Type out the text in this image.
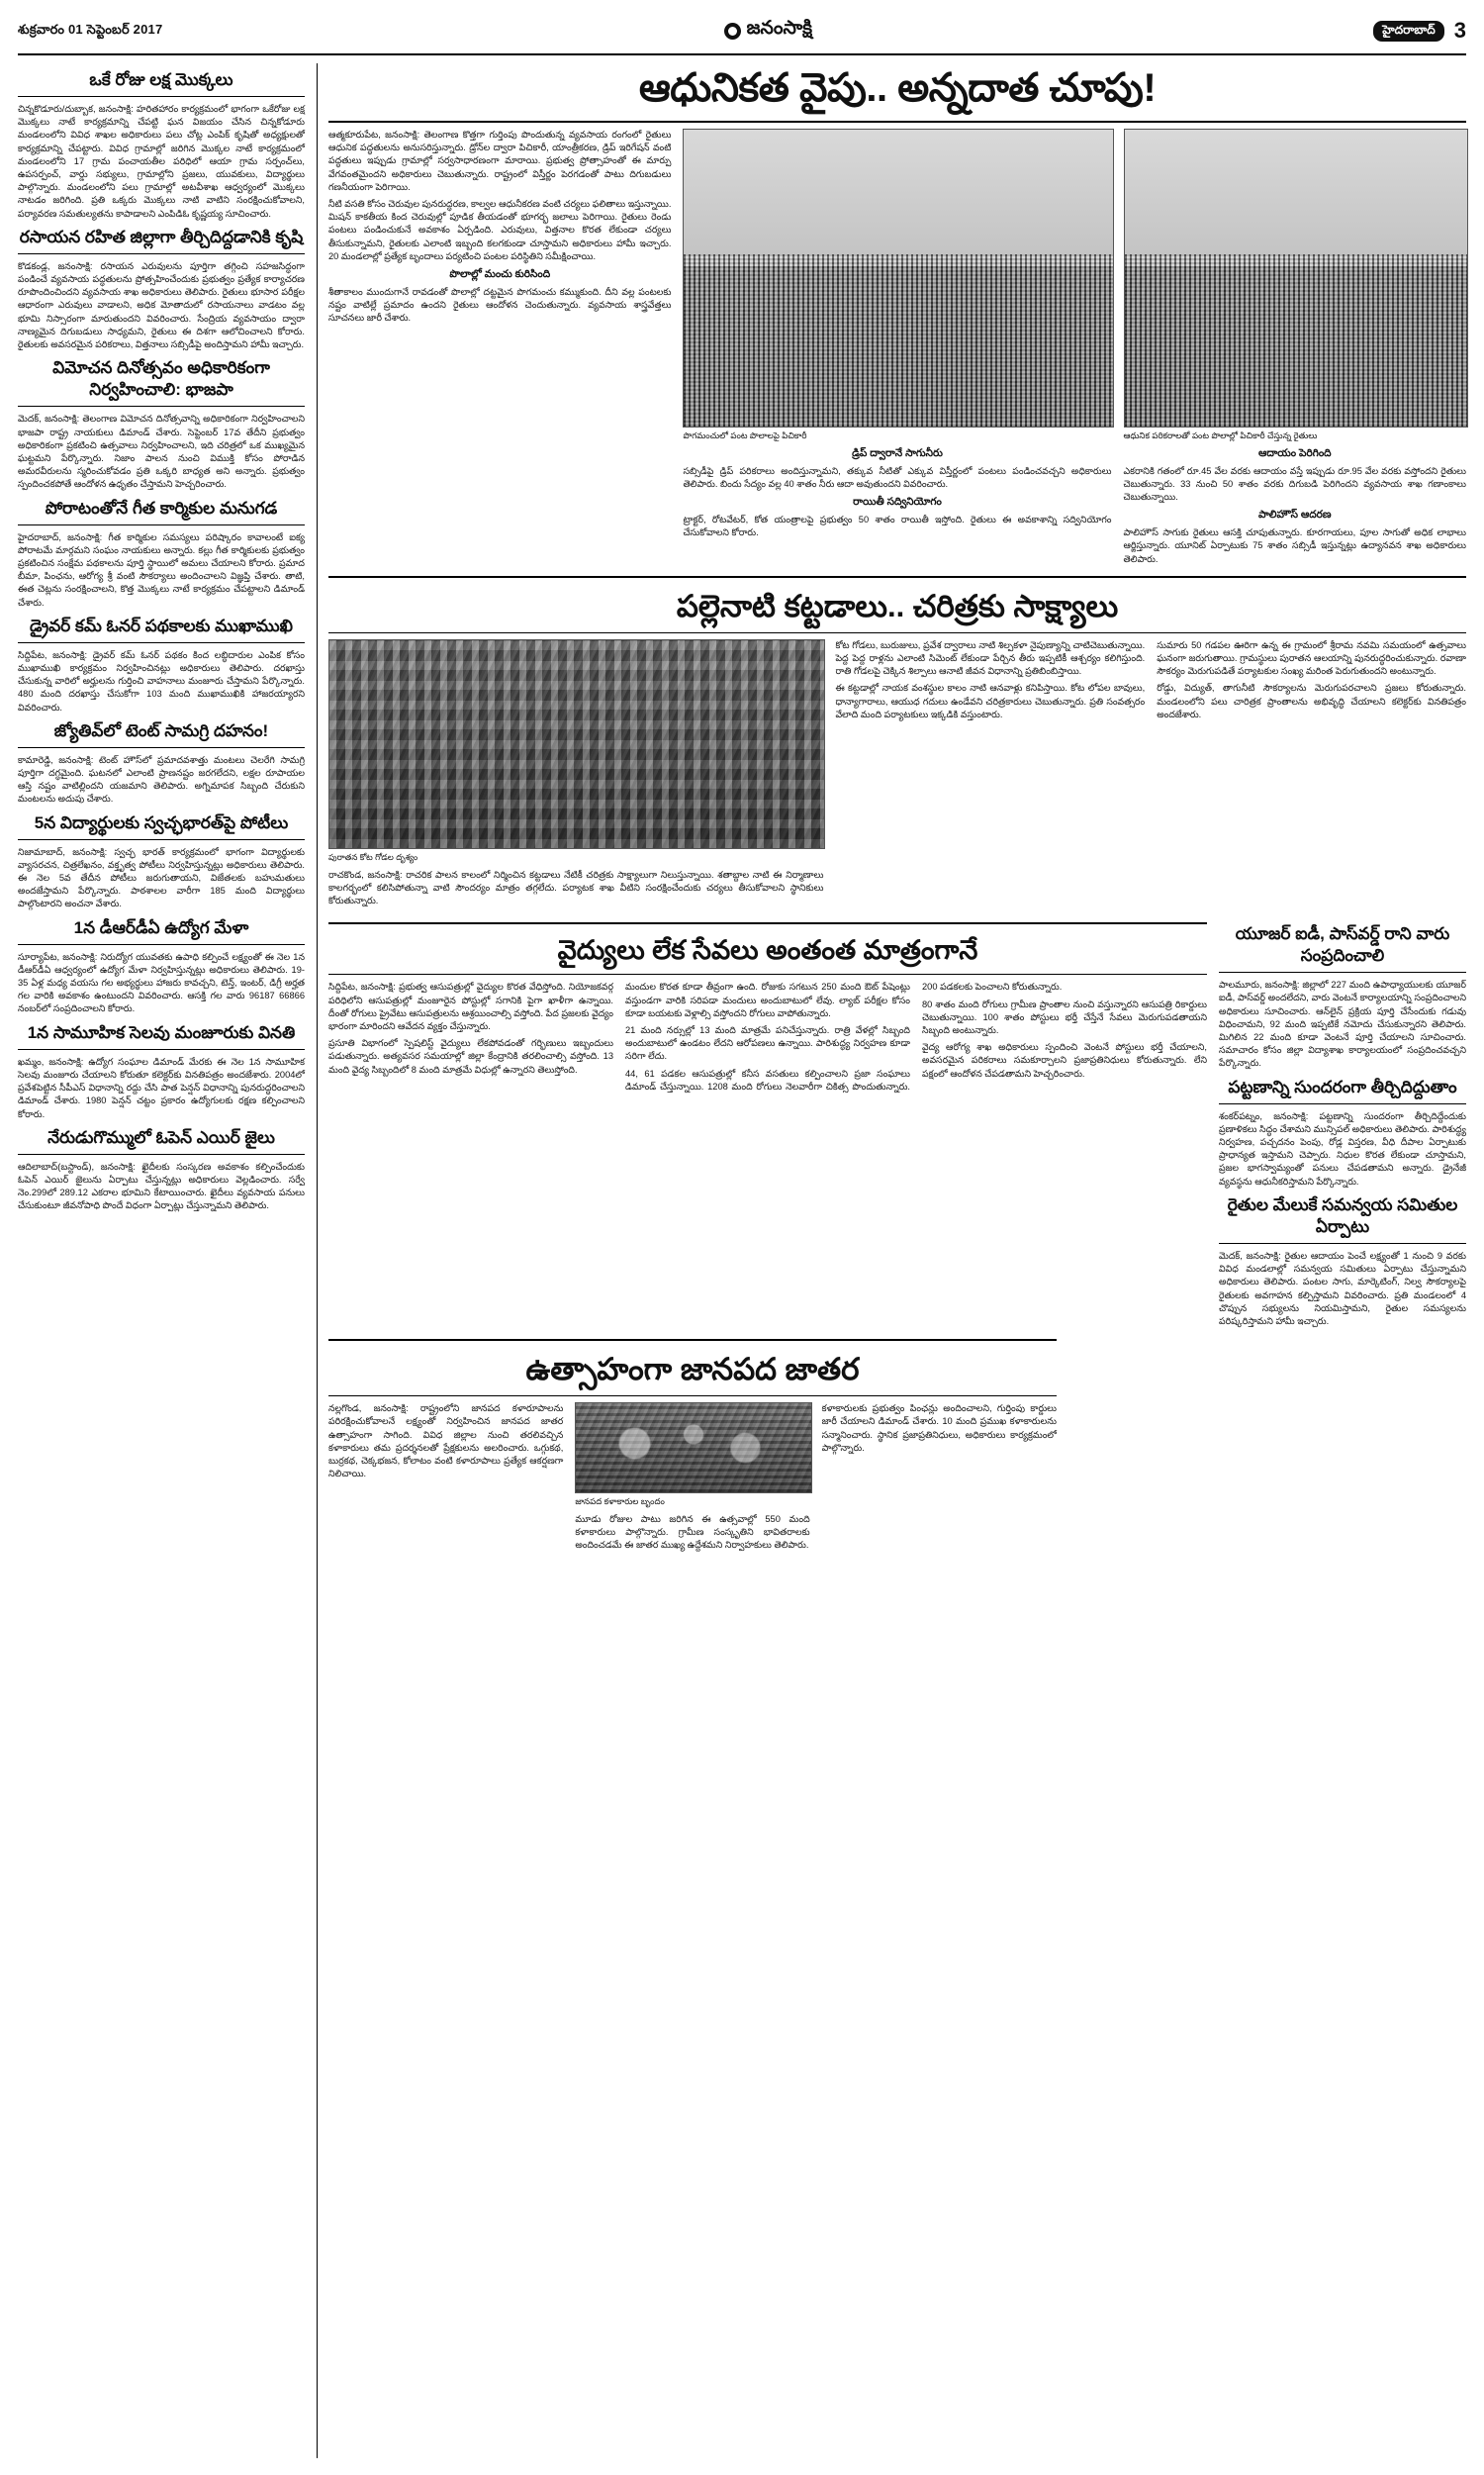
శుక్రవారం 01 సెప్టెంబర్ 2017	జనంసాక్షి	హైదరాబాద్ 3
ఒకే రోజు లక్ష మొక్కలు

చిన్నకొడూరు/దుబ్బాక, జనంసాక్షి: హరితహారం కార్యక్రమంలో భాగంగా ఒకేరోజు లక్ష మొక్కలు నాటే కార్యక్రమాన్ని చేపట్టి ఘన విజయం చేసిన చిన్నకోడూరు మండలంలోని వివిధ శాఖల అధికారులు పలు చోట్ల ఎంపిక్ కృషితో అధ్యక్షులతో కార్యక్రమాన్ని చేపట్టారు. వివిధ గ్రామాల్లో జరిగిన మొక్కల నాటే కార్యక్రమంలో మండలంలోని 17 గ్రామ పంచాయతీల పరిధిలో ఆయా గ్రామ సర్పంచ్‌లు, ఉపసర్పంచ్, వార్డు సభ్యులు, గ్రామాల్లోని ప్రజలు, యువకులు, విద్యార్థులు పాల్గొన్నారు. మండలంలోని పలు గ్రామాల్లో అటవీశాఖ ఆధ్వర్యంలో మొక్కలు నాటడం జరిగింది. ప్రతి ఒక్కరు మొక్కలు నాటి వాటిని సంరక్షించుకోవాలని, పర్యావరణ సమతుల్యతను కాపాడాలని ఎంపిడిఓ కృష్ణయ్య సూచించారు.

రసాయన రహిత జిల్లాగా తీర్చిదిద్దడానికి కృషి

కొడకండ్ల, జనంసాక్షి: రసాయన ఎరువులను పూర్తిగా తగ్గించి సహజసిద్ధంగా పండించే వ్యవసాయ పద్ధతులను ప్రోత్సహించేందుకు ప్రభుత్వం ప్రత్యేక కార్యాచరణ రూపొందించిందని వ్యవసాయ శాఖ అధికారులు తెలిపారు. రైతులు భూసార పరీక్షల ఆధారంగా ఎరువులు వాడాలని, అధిక మోతాదులో రసాయనాలు వాడటం వల్ల భూమి నిస్సారంగా మారుతుందని వివరించారు. సేంద్రియ వ్యవసాయం ద్వారా నాణ్యమైన దిగుబడులు సాధ్యమని, రైతులు ఈ దిశగా ఆలోచించాలని కోరారు. రైతులకు అవసరమైన పరికరాలు, విత్తనాలు సబ్సిడీపై అందిస్తామని హామీ ఇచ్చారు.

విమోచన దినోత్సవం అధికారికంగా నిర్వహించాలి: భాజపా

మెదక్, జనంసాక్షి: తెలంగాణ విమోచన దినోత్సవాన్ని అధికారికంగా నిర్వహించాలని భాజపా రాష్ట్ర నాయకులు డిమాండ్ చేశారు. సెప్టెంబర్ 17వ తేదీని ప్రభుత్వం అధికారికంగా ప్రకటించి ఉత్సవాలు నిర్వహించాలని, ఇది చరిత్రలో ఒక ముఖ్యమైన ఘట్టమని పేర్కొన్నారు. నిజాం పాలన నుంచి విముక్తి కోసం పోరాడిన అమరవీరులను స్మరించుకోవడం ప్రతి ఒక్కరి బాధ్యత అని అన్నారు. ప్రభుత్వం స్పందించకపోతే ఆందోళన ఉధృతం చేస్తామని హెచ్చరించారు.

పోరాటంతోనే గీత కార్మికుల మనుగడ

హైదరాబాద్, జనంసాక్షి: గీత కార్మికుల సమస్యలు పరిష్కారం కావాలంటే ఐక్య పోరాటమే మార్గమని సంఘం నాయకులు అన్నారు. కల్లు గీత కార్మికులకు ప్రభుత్వం ప్రకటించిన సంక్షేమ పథకాలను పూర్తి స్థాయిలో అమలు చేయాలని కోరారు. ప్రమాద బీమా, పింఛను, ఆరోగ్య శ్రీ వంటి సౌకర్యాలు అందించాలని విజ్ఞప్తి చేశారు. తాటి, ఈత చెట్లను సంరక్షించాలని, కొత్త మొక్కలు నాటే కార్యక్రమం చేపట్టాలని డిమాండ్ చేశారు.

డ్రైవర్ కమ్ ఓనర్ పథకాలకు ముఖాముఖి

సిద్దిపేట, జనంసాక్షి: డ్రైవర్ కమ్ ఓనర్ పథకం కింద లబ్ధిదారుల ఎంపిక కోసం ముఖాముఖి కార్యక్రమం నిర్వహించినట్లు అధికారులు తెలిపారు. దరఖాస్తు చేసుకున్న వారిలో అర్హులను గుర్తించి వాహనాలు మంజూరు చేస్తామని పేర్కొన్నారు. 480 మంది దరఖాస్తు చేసుకోగా 103 మంది ముఖాముఖికి హాజరయ్యారని వివరించారు.

జ్యోతివ్‌లో టెంట్ సామగ్రి దహనం!

కామారెడ్డి, జనంసాక్షి: టెంట్ హౌస్‌లో ప్రమాదవశాత్తు మంటలు చెలరేగి సామగ్రి పూర్తిగా దగ్ధమైంది. ఘటనలో ఎలాంటి ప్రాణనష్టం జరగలేదని, లక్షల రూపాయల ఆస్తి నష్టం వాటిల్లిందని యజమాని తెలిపారు. అగ్నిమాపక సిబ్బంది చేరుకుని మంటలను అదుపు చేశారు.

5న విద్యార్థులకు స్వచ్ఛభారత్‌పై పోటీలు

నిజామాబాద్, జనంసాక్షి: స్వచ్ఛ భారత్ కార్యక్రమంలో భాగంగా విద్యార్థులకు వ్యాసరచన, చిత్రలేఖనం, వక్తృత్వ పోటీలు నిర్వహిస్తున్నట్లు అధికారులు తెలిపారు. ఈ నెల 5వ తేదీన పోటీలు జరుగుతాయని, విజేతలకు బహుమతులు అందజేస్తామని పేర్కొన్నారు. పాఠశాలల వారీగా 185 మంది విద్యార్థులు పాల్గొంటారని అంచనా వేశారు.

1న డీఆర్‌డీఏ ఉద్యోగ మేళా

సూర్యాపేట, జనంసాక్షి: నిరుద్యోగ యువతకు ఉపాధి కల్పించే లక్ష్యంతో ఈ నెల 1న డీఆర్‌డీఏ ఆధ్వర్యంలో ఉద్యోగ మేళా నిర్వహిస్తున్నట్లు అధికారులు తెలిపారు. 19-35 ఏళ్ల మధ్య వయసు గల అభ్యర్థులు హాజరు కావచ్చని, టెన్త్, ఇంటర్, డిగ్రీ అర్హత గల వారికి అవకాశం ఉంటుందని వివరించారు. ఆసక్తి గల వారు 96187 66866 నంబర్‌లో సంప్రదించాలని కోరారు.

1న సామూహిక సెలవు మంజూరుకు వినతి

ఖమ్మం, జనంసాక్షి: ఉద్యోగ సంఘాల డిమాండ్ మేరకు ఈ నెల 1న సామూహిక సెలవు మంజూరు చేయాలని కోరుతూ కలెక్టర్‌కు వినతిపత్రం అందజేశారు. 2004లో ప్రవేశపెట్టిన సీపీఎస్ విధానాన్ని రద్దు చేసి పాత పెన్షన్ విధానాన్ని పునరుద్ధరించాలని డిమాండ్ చేశారు. 1980 పెన్షన్ చట్టం ప్రకారం ఉద్యోగులకు రక్షణ కల్పించాలని కోరారు.

నేరుడుగొమ్ములో ఓపెన్ ఎయిర్ జైలు

ఆదిలాబాద్(బస్టాండ్), జనంసాక్షి: ఖైదీలకు సంస్కరణ అవకాశం కల్పించేందుకు ఓపెన్ ఎయిర్ జైలును ఏర్పాటు చేస్తున్నట్లు అధికారులు వెల్లడించారు. సర్వే నెం.299లో 289.12 ఎకరాల భూమిని కేటాయించారు. ఖైదీలు వ్యవసాయ పనులు చేసుకుంటూ జీవనోపాధి పొందే విధంగా ఏర్పాట్లు చేస్తున్నామని తెలిపారు.

ఆధునికత వైపు.. అన్నదాత చూపు!

ఆత్మకూరుపేట, జనంసాక్షి: తెలంగాణ కొత్తగా గుర్తింపు పొందుతున్న వ్యవసాయ రంగంలో రైతులు ఆధునిక పద్ధతులను అనుసరిస్తున్నారు. డ్రోన్‌ల ద్వారా పిచికారీ, యాంత్రీకరణ, డ్రిప్ ఇరిగేషన్ వంటి పద్ధతులు ఇప్పుడు గ్రామాల్లో సర్వసాధారణంగా మారాయి. ప్రభుత్వ ప్రోత్సాహంతో ఈ మార్పు వేగవంతమైందని అధికారులు చెబుతున్నారు. రాష్ట్రంలో విస్తీర్ణం పెరగడంతో పాటు దిగుబడులు గణనీయంగా పెరిగాయి.

నీటి వసతి కోసం చెరువుల పునరుద్ధరణ, కాల్వల ఆధునీకరణ వంటి చర్యలు ఫలితాలు ఇస్తున్నాయి. మిషన్ కాకతీయ కింద చెరువుల్లో పూడిక తీయడంతో భూగర్భ జలాలు పెరిగాయి. రైతులు రెండు పంటలు పండించుకునే అవకాశం ఏర్పడింది. ఎరువులు, విత్తనాల కొరత లేకుండా చర్యలు తీసుకున్నామని, రైతులకు ఎలాంటి ఇబ్బంది కలగకుండా చూస్తామని అధికారులు హామీ ఇచ్చారు. 20 మండలాల్లో ప్రత్యేక బృందాలు పర్యటించి పంటల పరిస్థితిని సమీక్షించాయి.

పొలాల్లో మంచు కురిసింది

శీతాకాలం ముందుగానే రావడంతో పొలాల్లో దట్టమైన పొగమంచు కమ్ముకుంది. దీని వల్ల పంటలకు నష్టం వాటిల్లే ప్రమాదం ఉందని రైతులు ఆందోళన చెందుతున్నారు. వ్యవసాయ శాస్త్రవేత్తలు సూచనలు జారీ చేశారు.

పొగమంచులో పంట పొలాలపై పిచికారీ

డ్రిప్ ద్వారానే సాగునీరు

సబ్సిడీపై డ్రిప్ పరికరాలు అందిస్తున్నామని, తక్కువ నీటితో ఎక్కువ విస్తీర్ణంలో పంటలు పండించవచ్చని అధికారులు తెలిపారు. బిందు సేద్యం వల్ల 40 శాతం నీరు ఆదా అవుతుందని వివరించారు.

రాయితీ సద్వినియోగం

ట్రాక్టర్, రోటవేటర్, కోత యంత్రాలపై ప్రభుత్వం 50 శాతం రాయితీ ఇస్తోంది. రైతులు ఈ అవకాశాన్ని సద్వినియోగం చేసుకోవాలని కోరారు.

ఆధునిక పరికరాలతో పంట పొలాల్లో పిచికారీ చేస్తున్న రైతులు

ఆదాయం పెరిగింది

ఎకరానికి గతంలో రూ.45 వేల వరకు ఆదాయం వస్తే ఇప్పుడు రూ.95 వేల వరకు వస్తోందని రైతులు చెబుతున్నారు. 33 నుంచి 50 శాతం వరకు దిగుబడి పెరిగిందని వ్యవసాయ శాఖ గణాంకాలు చెబుతున్నాయి.

పాలిహౌస్ ఆదరణ

పాలిహౌస్ సాగుకు రైతులు ఆసక్తి చూపుతున్నారు. కూరగాయలు, పూల సాగుతో అధిక లాభాలు ఆర్జిస్తున్నారు. యూనిట్ ఏర్పాటుకు 75 శాతం సబ్సిడీ ఇస్తున్నట్లు ఉద్యానవన శాఖ అధికారులు తెలిపారు.

పల్లెనాటి కట్టడాలు.. చరిత్రకు సాక్ష్యాలు

పురాతన కోట గోడల దృశ్యం

రాచకొండ, జనంసాక్షి: రాచరిక పాలన కాలంలో నిర్మించిన కట్టడాలు నేటికీ చరిత్రకు సాక్ష్యాలుగా నిలుస్తున్నాయి. శతాబ్దాల నాటి ఈ నిర్మాణాలు కాలగర్భంలో కలిసిపోతున్నా వాటి సౌందర్యం మాత్రం తగ్గలేదు. పర్యాటక శాఖ వీటిని సంరక్షించేందుకు చర్యలు తీసుకోవాలని స్థానికులు కోరుతున్నారు.

కోట గోడలు, బురుజులు, ప్రవేశ ద్వారాలు నాటి శిల్పకళా నైపుణ్యాన్ని చాటిచెబుతున్నాయి. పెద్ద పెద్ద రాళ్లను ఎలాంటి సిమెంట్ లేకుండా పేర్చిన తీరు ఇప్పటికీ ఆశ్చర్యం కలిగిస్తుంది. రాతి గోడలపై చెక్కిన శిల్పాలు ఆనాటి జీవన విధానాన్ని ప్రతిబింబిస్తాయి.

ఈ కట్టడాల్లో నాయక వంశస్థుల కాలం నాటి ఆనవాళ్లు కనిపిస్తాయి. కోట లోపల బావులు, ధాన్యాగారాలు, ఆయుధ గదులు ఉండేవని చరిత్రకారులు చెబుతున్నారు. ప్రతి సంవత్సరం వేలాది మంది పర్యాటకులు ఇక్కడికి వస్తుంటారు.

సుమారు 50 గడపల ఊరిగా ఉన్న ఈ గ్రామంలో శ్రీరామ నవమి సమయంలో ఉత్సవాలు ఘనంగా జరుగుతాయి. గ్రామస్థులు పురాతన ఆలయాన్ని పునరుద్ధరించుకున్నారు. రవాణా సౌకర్యం మెరుగుపడితే పర్యాటకుల సంఖ్య మరింత పెరుగుతుందని అంటున్నారు.

రోడ్డు, విద్యుత్, తాగునీటి సౌకర్యాలను మెరుగుపరచాలని ప్రజలు కోరుతున్నారు. మండలంలోని పలు చారిత్రక ప్రాంతాలను అభివృద్ధి చేయాలని కలెక్టర్‌కు వినతిపత్రం అందజేశారు.

వైద్యులు లేక సేవలు అంతంత మాత్రంగానే

సిద్దిపేట, జనంసాక్షి: ప్రభుత్వ ఆసుపత్రుల్లో వైద్యుల కొరత వేధిస్తోంది. నియోజకవర్గ పరిధిలోని ఆసుపత్రుల్లో మంజూరైన పోస్టుల్లో సగానికి పైగా ఖాళీగా ఉన్నాయి. దీంతో రోగులు ప్రైవేటు ఆసుపత్రులను ఆశ్రయించాల్సి వస్తోంది. పేద ప్రజలకు వైద్యం భారంగా మారిందని ఆవేదన వ్యక్తం చేస్తున్నారు.

ప్రసూతి విభాగంలో స్పెషలిస్ట్ వైద్యులు లేకపోవడంతో గర్భిణులు ఇబ్బందులు పడుతున్నారు. అత్యవసర సమయాల్లో జిల్లా కేంద్రానికి తరలించాల్సి వస్తోంది. 13 మంది వైద్య సిబ్బందిలో 8 మంది మాత్రమే విధుల్లో ఉన్నారని తెలుస్తోంది.

మందుల కొరత కూడా తీవ్రంగా ఉంది. రోజుకు సగటున 250 మంది ఔట్ పేషెంట్లు వస్తుండగా వారికి సరిపడా మందులు అందుబాటులో లేవు. ల్యాబ్ పరీక్షల కోసం కూడా బయటకు వెళ్లాల్సి వస్తోందని రోగులు వాపోతున్నారు.

21 మంది నర్సుల్లో 13 మంది మాత్రమే పనిచేస్తున్నారు. రాత్రి వేళల్లో సిబ్బంది అందుబాటులో ఉండటం లేదని ఆరోపణలు ఉన్నాయి. పారిశుద్ధ్య నిర్వహణ కూడా సరిగా లేదు.

44, 61 పడకల ఆసుపత్రుల్లో కనీస వసతులు కల్పించాలని ప్రజా సంఘాలు డిమాండ్ చేస్తున్నాయి. 1208 మంది రోగులు నెలవారీగా చికిత్స పొందుతున్నారు. 200 పడకలకు పెంచాలని కోరుతున్నారు.

80 శాతం మంది రోగులు గ్రామీణ ప్రాంతాల నుంచి వస్తున్నారని ఆసుపత్రి రికార్డులు చెబుతున్నాయి. 100 శాతం పోస్టులు భర్తీ చేస్తేనే సేవలు మెరుగుపడతాయని సిబ్బంది అంటున్నారు.

వైద్య ఆరోగ్య శాఖ అధికారులు స్పందించి వెంటనే పోస్టులు భర్తీ చేయాలని, అవసరమైన పరికరాలు సమకూర్చాలని ప్రజాప్రతినిధులు కోరుతున్నారు. లేని పక్షంలో ఆందోళన చేపడతామని హెచ్చరించారు.

యూజర్ ఐడీ, పాస్‌వర్డ్ రాని వారు సంప్రదించాలి

పాలమూరు, జనంసాక్షి: జిల్లాలో 227 మంది ఉపాధ్యాయులకు యూజర్ ఐడీ, పాస్‌వర్డ్ అందలేదని, వారు వెంటనే కార్యాలయాన్ని సంప్రదించాలని అధికారులు సూచించారు. ఆన్‌లైన్ ప్రక్రియ పూర్తి చేసేందుకు గడువు విధించామని, 92 మంది ఇప్పటికే నమోదు చేసుకున్నారని తెలిపారు. మిగిలిన 22 మంది కూడా వెంటనే పూర్తి చేయాలని సూచించారు. సమాచారం కోసం జిల్లా విద్యాశాఖ కార్యాలయంలో సంప్రదించవచ్చని పేర్కొన్నారు.

పట్టణాన్ని సుందరంగా తీర్చిదిద్దుతాం

శంకర్‌పట్నం, జనంసాక్షి: పట్టణాన్ని సుందరంగా తీర్చిదిద్దేందుకు ప్రణాళికలు సిద్ధం చేశామని మున్సిపల్ అధికారులు తెలిపారు. పారిశుద్ధ్య నిర్వహణ, పచ్చదనం పెంపు, రోడ్ల విస్తరణ, వీధి దీపాల ఏర్పాటుకు ప్రాధాన్యత ఇస్తామని చెప్పారు. నిధుల కొరత లేకుండా చూస్తామని, ప్రజల భాగస్వామ్యంతో పనులు చేపడతామని అన్నారు. డ్రైనేజీ వ్యవస్థను ఆధునీకరిస్తామని పేర్కొన్నారు.

రైతుల మేలుకే సమన్వయ సమితుల ఏర్పాటు

మెదక్, జనంసాక్షి: రైతుల ఆదాయం పెంచే లక్ష్యంతో 1 నుంచి 9 వరకు వివిధ మండలాల్లో సమన్వయ సమితులు ఏర్పాటు చేస్తున్నామని అధికారులు తెలిపారు. పంటల సాగు, మార్కెటింగ్, నిల్వ సౌకర్యాలపై రైతులకు అవగాహన కల్పిస్తామని వివరించారు. ప్రతి మండలంలో 4 చొప్పున సభ్యులను నియమిస్తామని, రైతుల సమస్యలను పరిష్కరిస్తామని హామీ ఇచ్చారు.

ఉత్సాహంగా జానపద జాతర

నల్లగొండ, జనంసాక్షి: రాష్ట్రంలోని జానపద కళారూపాలను పరిరక్షించుకోవాలనే లక్ష్యంతో నిర్వహించిన జానపద జాతర ఉత్సాహంగా సాగింది. వివిధ జిల్లాల నుంచి తరలివచ్చిన కళాకారులు తమ ప్రదర్శనలతో ప్రేక్షకులను అలరించారు. ఒగ్గుకథ, బుర్రకథ, చెక్కభజన, కోలాటం వంటి కళారూపాలు ప్రత్యేక ఆకర్షణగా నిలిచాయి.

జానపద కళాకారుల బృందం

మూడు రోజుల పాటు జరిగిన ఈ ఉత్సవాల్లో 550 మంది కళాకారులు పాల్గొన్నారు. గ్రామీణ సంస్కృతిని భావితరాలకు అందించడమే ఈ జాతర ముఖ్య ఉద్దేశమని నిర్వాహకులు తెలిపారు.

కళాకారులకు ప్రభుత్వం పింఛన్లు అందించాలని, గుర్తింపు కార్డులు జారీ చేయాలని డిమాండ్ చేశారు. 10 మంది ప్రముఖ కళాకారులను సన్మానించారు. స్థానిక ప్రజాప్రతినిధులు, అధికారులు కార్యక్రమంలో పాల్గొన్నారు.
